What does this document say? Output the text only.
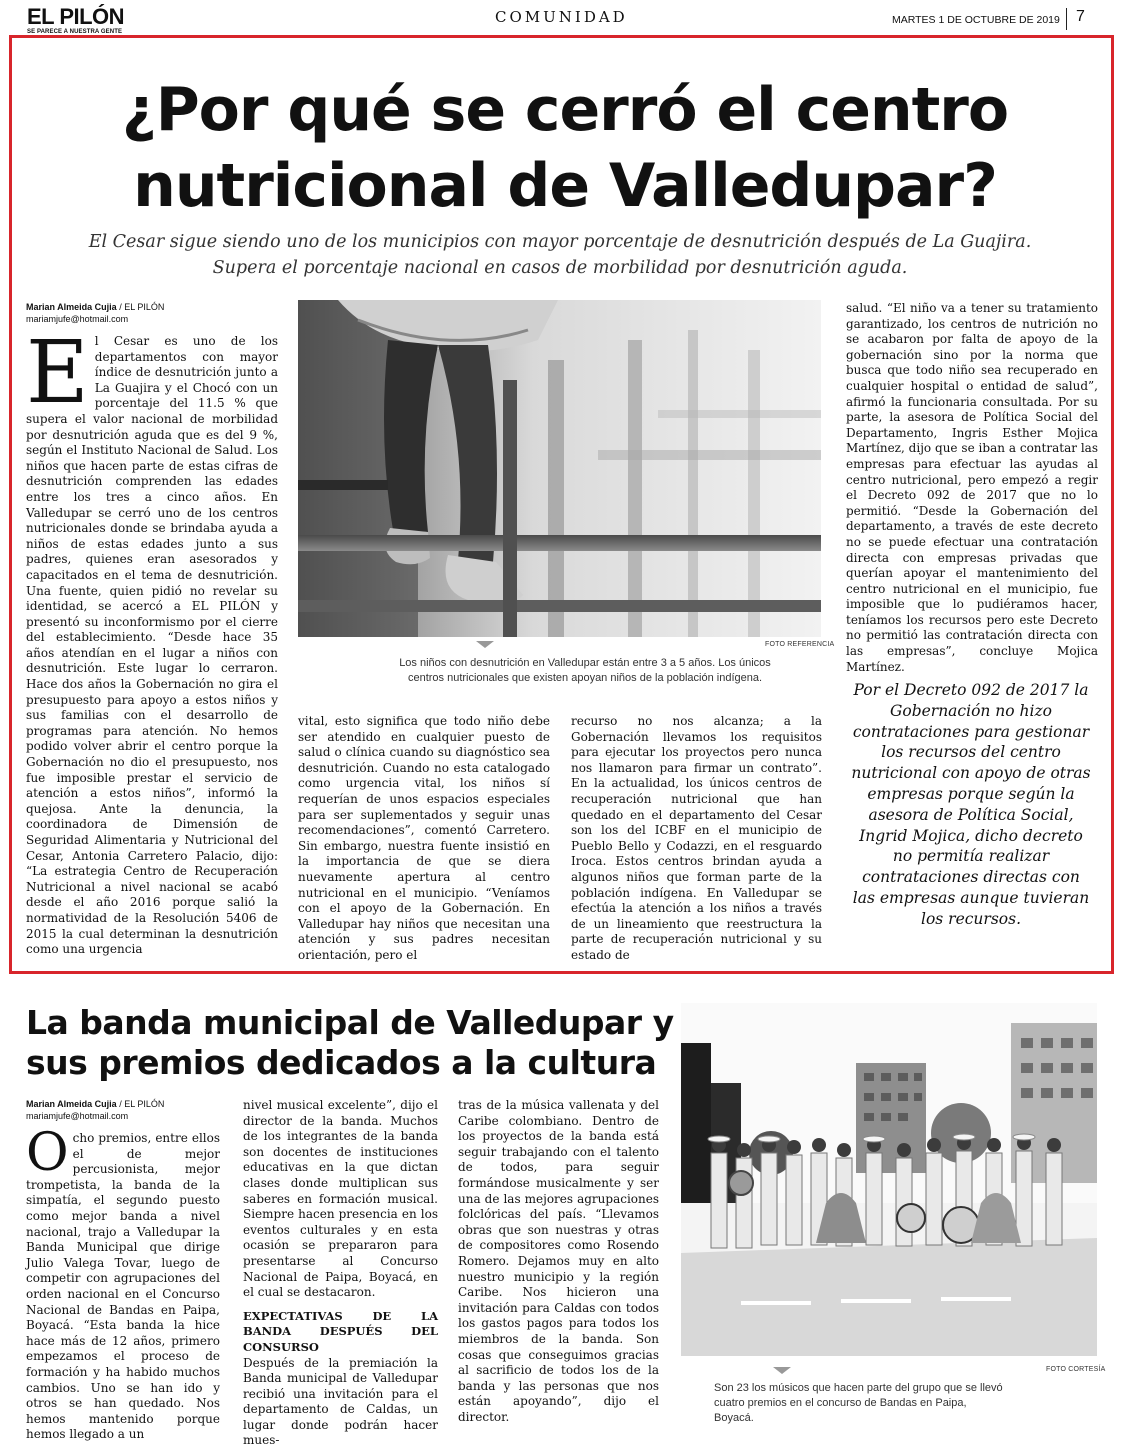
EL PILÓN
SE PARECE A NUESTRA GENTE
COMUNIDAD	MARTES 1 DE OCTUBRE DE 2019 7
¿Por qué se cerró el centro nutricional de Valledupar?
El Cesar sigue siendo uno de los municipios con mayor porcentaje de desnutrición después de La Guajira. Supera el porcentaje nacional en casos de morbilidad por desnutrición aguda.
Marian Almeida Cujia / EL PILÓN
mariamjufe@hotmail.com
E l Cesar es uno de los departamentos con mayor índice de desnutrición junto a La Guajira y el Chocó con un porcentaje del 11.5 % que supera el valor nacional de morbilidad por desnutrición aguda que es del 9 %, según el Instituto Nacional de Salud. Los niños que hacen parte de estas cifras de desnutrición comprenden las edades entre los tres a cinco años. En Valledupar se cerró uno de los centros nutricionales donde se brindaba ayuda a niños de estas edades junto a sus padres, quienes eran asesorados y capacitados en el tema de desnutrición. Una fuente, quien pidió no revelar su identidad, se acercó a EL PILÓN y presentó su inconformismo por el cierre del establecimiento. “Desde hace 35 años atendían en el lugar a niños con desnutrición. Este lugar lo cerraron. Hace dos años la Gobernación no gira el presupuesto para apoyo a estos niños y sus familias con el desarrollo de programas para atención. No hemos podido volver abrir el centro porque la Gobernación no dio el presupuesto, nos fue imposible prestar el servicio de atención a estos niños”, informó la quejosa. Ante la denuncia, la coordinadora de Dimensión de Seguridad Alimentaria y Nutricional del Cesar, Antonia Carretero Palacio, dijo: “La estrategia Centro de Recuperación Nutricional a nivel nacional se acabó desde el año 2016 porque salió la normatividad de la Resolución 5406 de 2015 la cual determinan la desnutrición como una urgencia
FOTO REFERENCIA
Los niños con desnutrición en Valledupar están entre 3 a 5 años. Los únicos centros nutricionales que existen apoyan niños de la población indígena.
vital, esto significa que todo niño debe ser atendido en cualquier puesto de salud o clínica cuando su diagnóstico sea desnutrición. Cuando no esta catalogado como urgencia vital, los niños sí requerían de unos espacios especiales para ser suplementados y seguir unas recomendaciones”, comentó Carretero. Sin embargo, nuestra fuente insistió en la importancia de que se diera nuevamente apertura al centro nutricional en el municipio. “Veníamos con el apoyo de la Gobernación. En Valledupar hay niños que necesitan una atención y sus padres necesitan orientación, pero el
recurso no nos alcanza; a la Gobernación llevamos los requisitos para ejecutar los proyectos pero nunca nos llamaron para firmar un contrato”. En la actualidad, los únicos centros de recuperación nutricional que han quedado en el departamento del Cesar son los del ICBF en el municipio de Pueblo Bello y Codazzi, en el resguardo Iroca. Estos centros brindan ayuda a algunos niños que forman parte de la población indígena. En Valledupar se efectúa la atención a los niños a través de un lineamiento que reestructura la parte de recuperación nutricional y su estado de
salud. “El niño va a tener su tratamiento garantizado, los centros de nutrición no se acabaron por falta de apoyo de la gobernación sino por la norma que busca que todo niño sea recuperado en cualquier hospital o entidad de salud”, afirmó la funcionaria consultada. Por su parte, la asesora de Política Social del Departamento, Ingris Esther Mojica Martínez, dijo que se iban a contratar las empresas para efectuar las ayudas al centro nutricional, pero empezó a regir el Decreto 092 de 2017 que no lo permitió. “Desde la Gobernación del departamento, a través de este decreto no se puede efectuar una contratación directa con empresas privadas que querían apoyar el mantenimiento del centro nutricional en el municipio, fue imposible que lo pudiéramos hacer, teníamos los recursos pero este Decreto no permitió las contratación directa con las empresas”, concluye Mojica Martínez.
Por el Decreto 092 de 2017 la Gobernación no hizo contrataciones para gestionar los recursos del centro nutricional con apoyo de otras empresas porque según la asesora de Política Social, Ingrid Mojica, dicho decreto no permitía realizar contrataciones directas con las empresas aunque tuvieran los recursos.
La banda municipal de Valledupar y sus premios dedicados a la cultura
Marian Almeida Cujia / EL PILÓN
mariamjufe@hotmail.com
O cho premios, entre ellos el de mejor percusionista, mejor trompetista, la banda de la simpatía, el segundo puesto como mejor banda a nivel nacional, trajo a Valledupar la Banda Municipal que dirige Julio Valega Tovar, luego de competir con agrupaciones del orden nacional en el Concurso Nacional de Bandas en Paipa, Boyacá. “Esta banda la hice hace más de 12 años, primero empezamos el proceso de formación y ha habido muchos cambios. Uno se han ido y otros se han quedado. Nos hemos mantenido porque hemos llegado a un
nivel musical excelente”, dijo el director de la banda. Muchos de los integrantes de la banda son docentes de instituciones educativas en la que dictan clases donde multiplican sus saberes en formación musical. Siempre hacen presencia en los eventos culturales y en esta ocasión se prepararon para presentarse al Concurso Nacional de Paipa, Boyacá, en el cual se destacaron.
EXPECTATIVAS DE LA BANDA DESPUÉS DEL CONSURSO
Después de la premiación la Banda municipal de Valledupar recibió una invitación para el departamento de Caldas, un lugar donde podrán hacer mues-
tras de la música vallenata y del Caribe colombiano. Dentro de los proyectos de la banda está seguir trabajando con el talento de todos, para seguir formándose musicalmente y ser una de las mejores agrupaciones folclóricas del país. “Llevamos obras que son nuestras y otras de compositores como Rosendo Romero. Dejamos muy en alto nuestro municipio y la región Caribe. Nos hicieron una invitación para Caldas con todos los gastos pagos para todos los miembros de la banda. Son cosas que conseguimos gracias al sacrificio de todos los de la banda y las personas que nos están apoyando”, dijo el director.
FOTO CORTESÍA
Son 23 los músicos que hacen parte del grupo que se llevó cuatro premios en el concurso de Bandas en Paipa, Boyacá.
